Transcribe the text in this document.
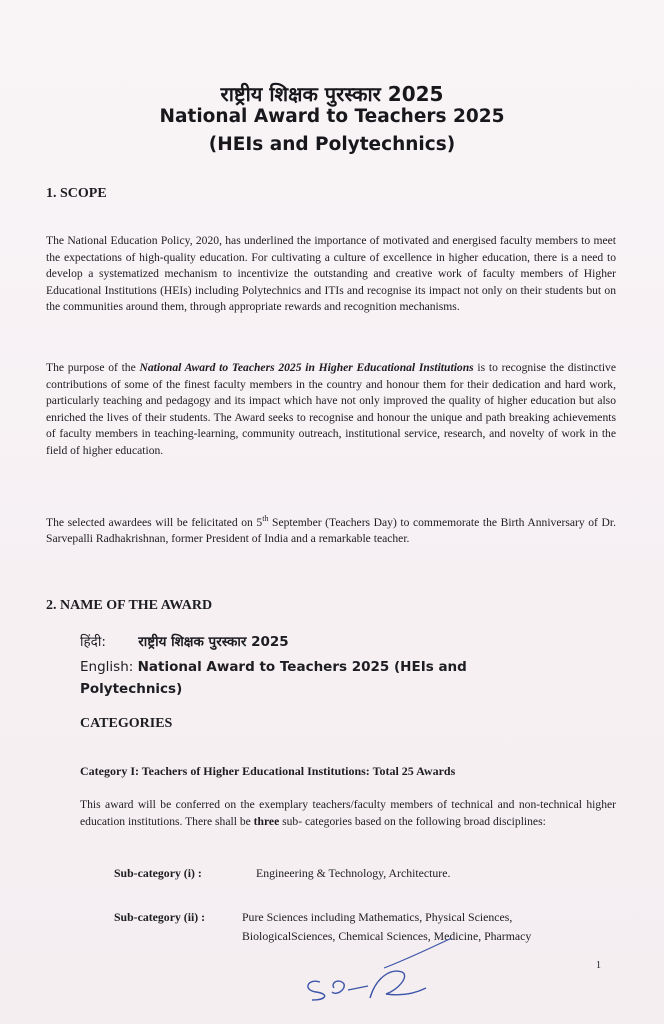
राष्ट्रीय शिक्षक पुरस्कार 2025
National Award to Teachers 2025
(HEIs and Polytechnics)
1. SCOPE
The National Education Policy, 2020, has underlined the importance of motivated and energised faculty members to meet the expectations of high-quality education. For cultivating a culture of excellence in higher education, there is a need to develop a systematized mechanism to incentivize the outstanding and creative work of faculty members of Higher Educational Institutions (HEIs) including Polytechnics and ITIs and recognise its impact not only on their students but on the communities around them, through appropriate rewards and recognition mechanisms.
The purpose of the National Award to Teachers 2025 in Higher Educational Institutions is to recognise the distinctive contributions of some of the finest faculty members in the country and honour them for their dedication and hard work, particularly teaching and pedagogy and its impact which have not only improved the quality of higher education but also enriched the lives of their students. The Award seeks to recognise and honour the unique and path breaking achievements of faculty members in teaching-learning, community outreach, institutional service, research, and novelty of work in the field of higher education.
The selected awardees will be felicitated on 5th September (Teachers Day) to commemorate the Birth Anniversary of Dr. Sarvepalli Radhakrishnan, former President of India and a remarkable teacher.
2. NAME OF THE AWARD
हिंदी: राष्ट्रीय शिक्षक पुरस्कार 2025
English: National Award to Teachers 2025 (HEIs and
Polytechnics)
CATEGORIES
Category I: Teachers of Higher Educational Institutions: Total 25 Awards
This award will be conferred on the exemplary teachers/faculty members of technical and non-technical higher education institutions. There shall be three sub- categories based on the following broad disciplines:
Sub-category (i) :	Engineering & Technology, Architecture.
Sub-category (ii) :	Pure Sciences including Mathematics, Physical Sciences,
BiologicalSciences, Chemical Sciences, Medicine, Pharmacy
1
